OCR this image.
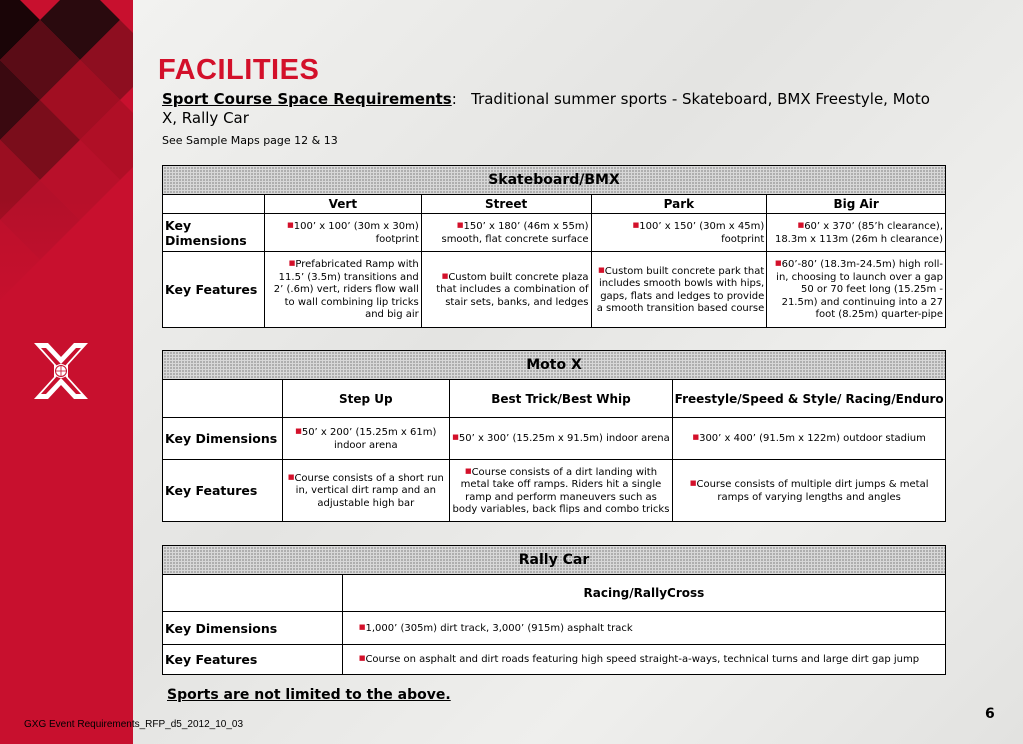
FACILITIES
Sport Course Space Requirements: Traditional summer sports - Skateboard, BMX Freestyle, Moto X, Rally Car
See Sample Maps page 12 & 13
Skateboard/BMX				
	Vert	Street	Park	Big Air
Key Dimensions	■100’ x 100’ (30m x 30m) footprint	■150’ x 180’ (46m x 55m) smooth, flat concrete surface	■100’ x 150’ (30m x 45m) footprint	■60’ x 370’ (85’h clearance), 18.3m x 113m (26m h clearance)
Key Features	■Prefabricated Ramp with 11.5’ (3.5m) transitions and 2’ (.6m) vert, riders flow wall to wall combining lip tricks and big air	■Custom built concrete plaza that includes a combination of stair sets, banks, and ledges	■Custom built concrete park that includes smooth bowls with hips, gaps, flats and ledges to provide a smooth transition based course	■60’-80’ (18.3m-24.5m) high roll-in, choosing to launch over a gap 50 or 70 feet long (15.25m - 21.5m) and continuing into a 27 foot (8.25m) quarter-pipe
Moto X			
	Step Up	Best Trick/Best Whip	Freestyle/Speed & Style/ Racing/Enduro
Key Dimensions	■50’ x 200’ (15.25m x 61m) indoor arena	■50’ x 300’ (15.25m x 91.5m) indoor arena	■300’ x 400’ (91.5m x 122m) outdoor stadium
Key Features	■Course consists of a short run in, vertical dirt ramp and an adjustable high bar	■Course consists of a dirt landing with metal take off ramps. Riders hit a single ramp and perform maneuvers such as body variables, back flips and combo tricks	■Course consists of multiple dirt jumps & metal ramps of varying lengths and angles
Rally Car	
	Racing/RallyCross
Key Dimensions	■1,000’ (305m) dirt track, 3,000’ (915m) asphalt track
Key Features	■Course on asphalt and dirt roads featuring high speed straight-a-ways, technical turns and large dirt gap jump
Sports are not limited to the above.
GXG Event Requirements_RFP_d5_2012_10_03
6
